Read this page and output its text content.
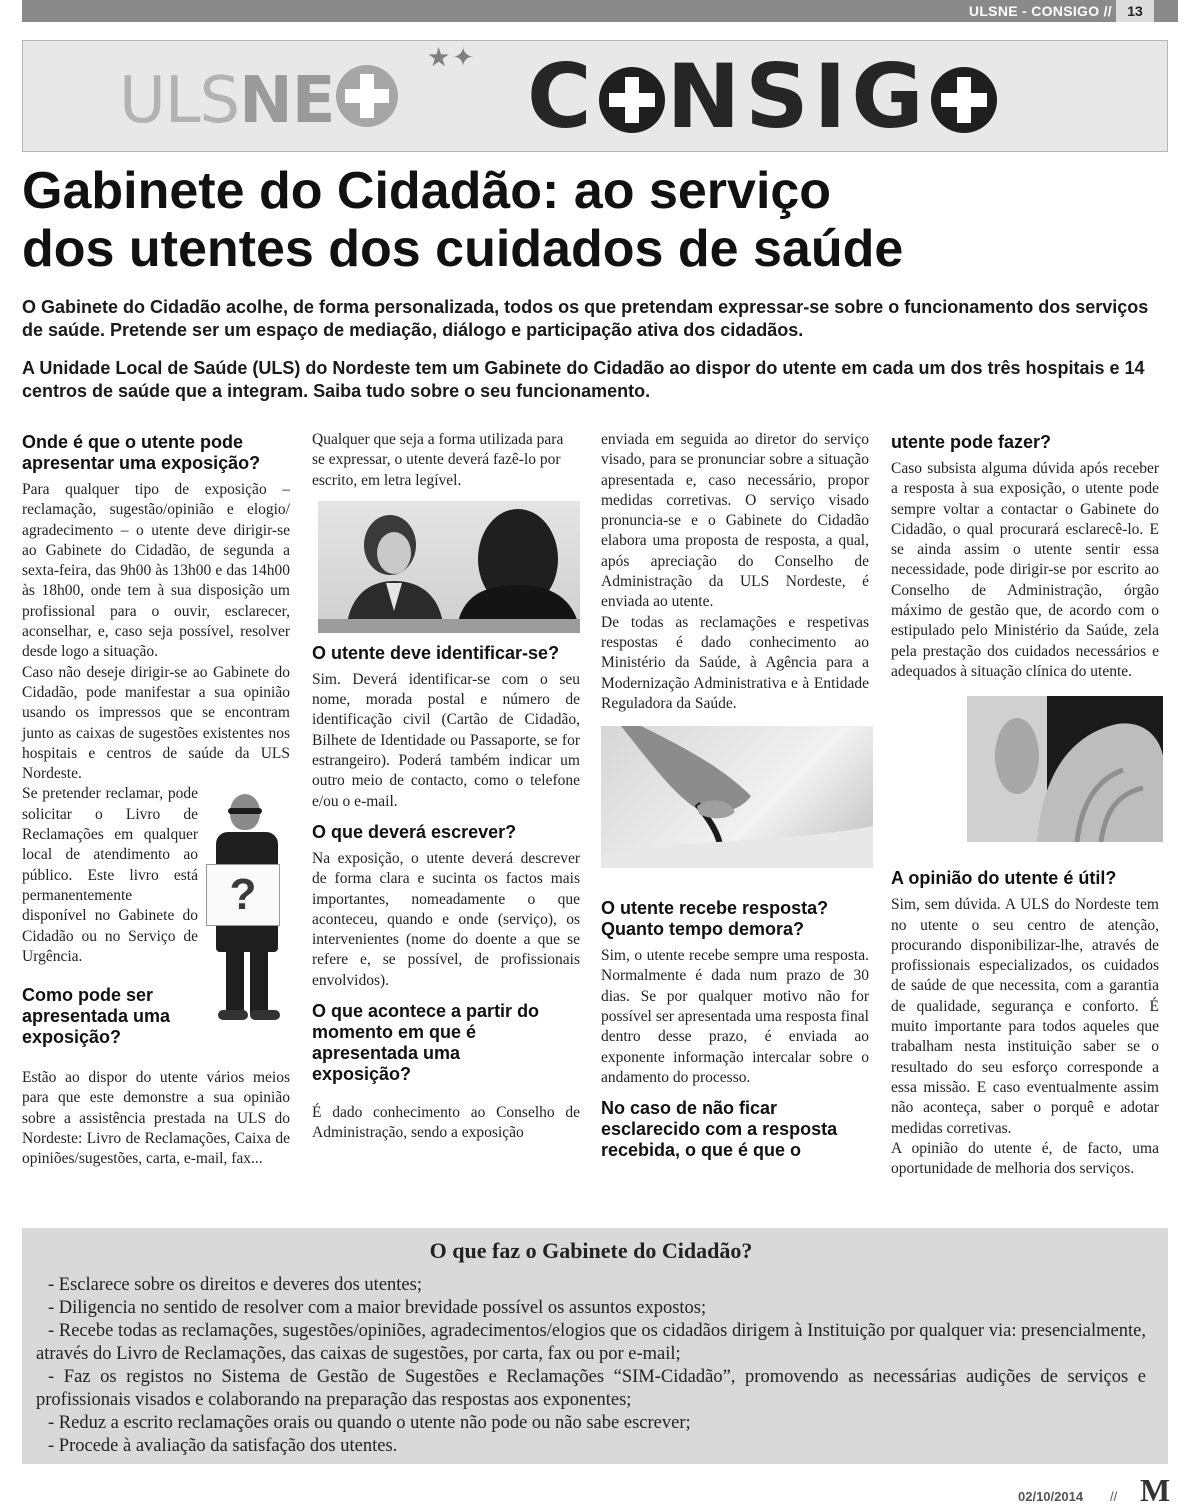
ULSNE - CONSIGO //	13
ULSNE
★✦ C NSIG
Gabinete do Cidadão: ao serviço
dos utentes dos cuidados de saúde

O Gabinete do Cidadão acolhe, de forma personalizada, todos os que pretendam expressar-se sobre o funcionamento dos serviços de saúde. Pretende ser um espaço de mediação, diálogo e participação ativa dos cidadãos.

A Unidade Local de Saúde (ULS) do Nordeste tem um Gabinete do Cidadão ao dispor do utente em cada um dos três hospitais e 14 centros de saúde que a integram. Saiba tudo sobre o seu funcionamento.

Onde é que o utente pode apresentar uma exposição?

Para qualquer tipo de exposição – reclamação, sugestão/opinião e elogio/ agradecimento – o utente deve dirigir-se ao Gabinete do Cidadão, de segunda a sexta-feira, das 9h00 às 13h00 e das 14h00 às 18h00, onde tem à sua disposição um profissional para o ouvir, esclarecer, aconselhar, e, caso seja possível, resolver desde logo a situação.

Caso não deseje dirigir-se ao Gabinete do Cidadão, pode manifestar a sua opinião usando os impressos que se encontram junto as caixas de sugestões existentes nos hospitais e centros de saúde da ULS Nordeste.

?

Se pretender reclamar, pode solicitar o Livro de Reclamações em qualquer local de atendimento ao público. Este livro está permanentemente disponível no Gabinete do Cidadão ou no Serviço de Urgência.

Como pode ser apresentada uma exposição?

Estão ao dispor do utente vários meios para que este demonstre a sua opinião sobre a assistência prestada na ULS do Nordeste: Livro de Reclamações, Caixa de opiniões/sugestões, carta, e-mail, fax...

Qualquer que seja a forma utilizada para se expressar, o utente deverá fazê-lo por escrito, em letra legível.

O utente deve identificar-se?

Sim. Deverá identificar-se com o seu nome, morada postal e número de identificação civil (Cartão de Cidadão, Bilhete de Identidade ou Passaporte, se for estrangeiro). Poderá também indicar um outro meio de contacto, como o telefone e/ou o e-mail.

O que deverá escrever?

Na exposição, o utente deverá descrever de forma clara e sucinta os factos mais importantes, nomeadamente o que aconteceu, quando e onde (serviço), os intervenientes (nome do doente a que se refere e, se possível, de profissionais envolvidos).

O que acontece a partir do momento em que é apresentada uma exposição?

É dado conhecimento ao Conselho de Administração, sendo a exposição

enviada em seguida ao diretor do serviço visado, para se pronunciar sobre a situação apresentada e, caso necessário, propor medidas corretivas. O serviço visado pronuncia-se e o Gabinete do Cidadão elabora uma proposta de resposta, a qual, após apreciação do Conselho de Administração da ULS Nordeste, é enviada ao utente.

De todas as reclamações e respetivas respostas é dado conhecimento ao Ministério da Saúde, à Agência para a Modernização Administrativa e à Entidade Reguladora da Saúde.

O utente recebe resposta? Quanto tempo demora?

Sim, o utente recebe sempre uma resposta. Normalmente é dada num prazo de 30 dias. Se por qualquer motivo não for possível ser apresentada uma resposta final dentro desse prazo, é enviada ao exponente informação intercalar sobre o andamento do processo.

No caso de não ficar esclarecido com a resposta recebida, o que é que o
utente pode fazer?

Caso subsista alguma dúvida após receber a resposta à sua exposição, o utente pode sempre voltar a contactar o Gabinete do Cidadão, o qual procurará esclarecê-lo. E se ainda assim o utente sentir essa necessidade, pode dirigir-se por escrito ao Conselho de Administração, órgão máximo de gestão que, de acordo com o estipulado pelo Ministério da Saúde, zela pela prestação dos cuidados necessários e adequados à situação clínica do utente.

A opinião do utente é útil?

Sim, sem dúvida. A ULS do Nordeste tem no utente o seu centro de atenção, procurando disponibilizar-lhe, através de profissionais especializados, os cuidados de saúde de que necessita, com a garantia de qualidade, segurança e conforto. É muito importante para todos aqueles que trabalham nesta instituição saber se o resultado do seu esforço corresponde a essa missão. E caso eventualmente assim não aconteça, saber o porquê e adotar medidas corretivas.

A opinião do utente é, de facto, uma oportunidade de melhoria dos serviços.

O que faz o Gabinete do Cidadão?

- Esclarece sobre os direitos e deveres dos utentes;

- Diligencia no sentido de resolver com a maior brevidade possível os assuntos expostos;

- Recebe todas as reclamações, sugestões/opiniões, agradecimentos/elogios que os cidadãos dirigem à Instituição por qualquer via: presencialmente, através do Livro de Reclamações, das caixas de sugestões, por carta, fax ou por e-mail;

- Faz os registos no Sistema de Gestão de Sugestões e Reclamações “SIM-Cidadão”, promovendo as necessárias audições de serviços e profissionais visados e colaborando na preparação das respostas aos exponentes;

- Reduz a escrito reclamações orais ou quando o utente não pode ou não sabe escrever;

- Procede à avaliação da satisfação dos utentes.

02/10/2014 // M
